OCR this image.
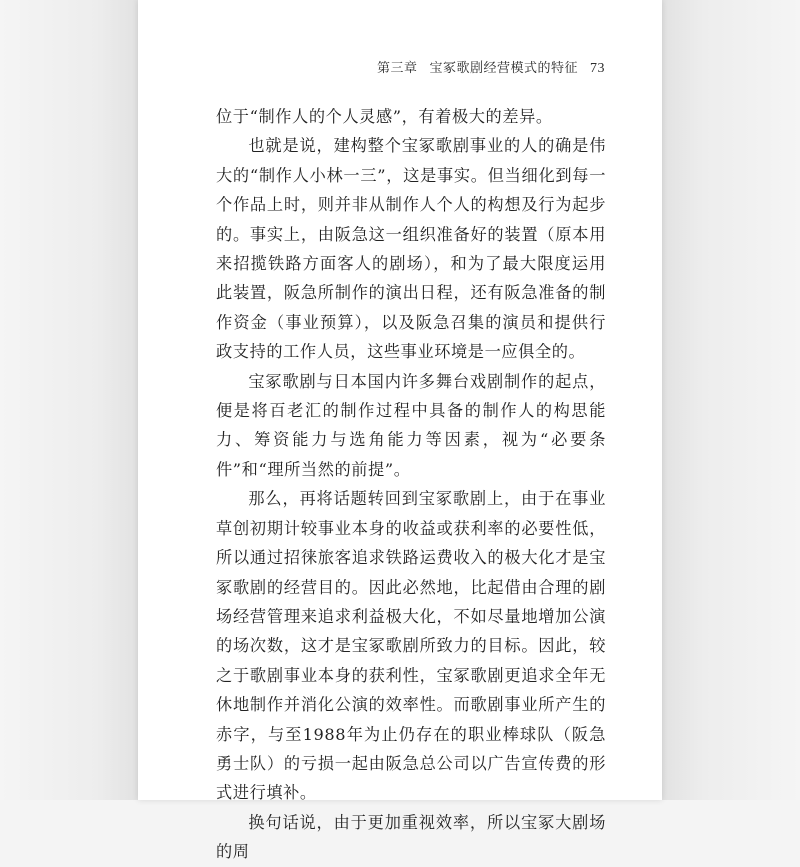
第三章 宝冢歌剧经营模式的特征 73

位于“制作人的个人灵感”，有着极大的差异。

也就是说，建构整个宝冢歌剧事业的人的确是伟大的“制作人小林一三”，这是事实。但当细化到每一个作品上时，则并非从制作人个人的构想及行为起步的。事实上，由阪急这一组织准备好的装置（原本用来招揽铁路方面客人的剧场），和为了最大限度运用此装置，阪急所制作的演出日程，还有阪急准备的制作资金（事业预算），以及阪急召集的演员和提供行政支持的工作人员，这些事业环境是一应俱全的。

宝冢歌剧与日本国内许多舞台戏剧制作的起点，便是将百老汇的制作过程中具备的制作人的构思能力、筹资能力与选角能力等因素，视为“必要条件”和“理所当然的前提”。

那么，再将话题转回到宝冢歌剧上，由于在事业草创初期计较事业本身的收益或获利率的必要性低，所以通过招徕旅客追求铁路运费收入的极大化才是宝冢歌剧的经营目的。因此必然地，比起借由合理的剧场经营管理来追求利益极大化，不如尽量地增加公演的场次数，这才是宝冢歌剧所致力的目标。因此，较之于歌剧事业本身的获利性，宝冢歌剧更追求全年无休地制作并消化公演的效率性。而歌剧事业所产生的赤字，与至1988年为止仍存在的职业棒球队（阪急勇士队）的亏损一起由阪急总公司以广告宣传费的形式进行填补。

换句话说，由于更加重视效率，所以宝冢大剧场的周
